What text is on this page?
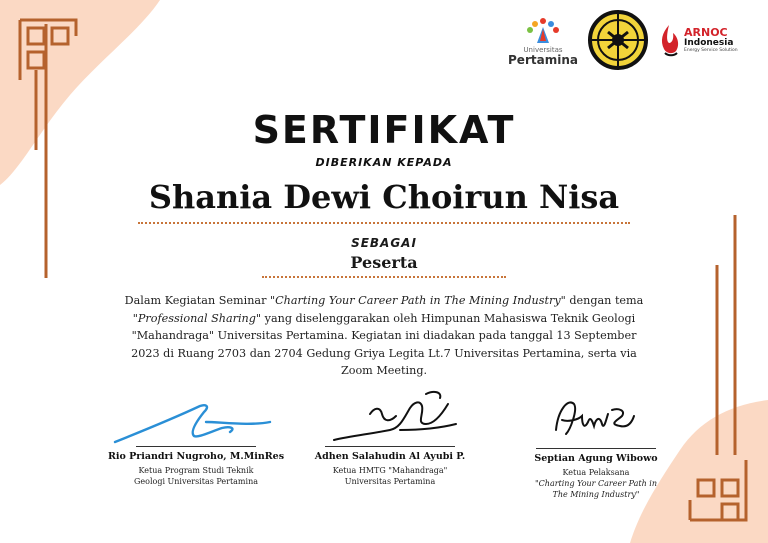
Universitas
Pertamina
ARNOC
Indonesia
Energy Service Solution
SERTIFIKAT
DIBERIKAN KEPADA
Shania Dewi Choirun Nisa
SEBAGAI
Peserta
Dalam Kegiatan Seminar "Charting Your Career Path in The Mining Industry" dengan tema "Professional Sharing" yang diselenggarakan oleh Himpunan Mahasiswa Teknik Geologi "Mahandraga" Universitas Pertamina. Kegiatan ini diadakan pada tanggal 13 September 2023 di Ruang 2703 dan 2704 Gedung Griya Legita Lt.7 Universitas Pertamina, serta via Zoom Meeting.
Rio Priandri Nugroho, M.MinRes
Ketua Program Studi Teknik
Geologi Universitas Pertamina
Adhen Salahudin Al Ayubi P.
Ketua HMTG "Mahandraga"
Universitas Pertamina
Septian Agung Wibowo
Ketua Pelaksana
"Charting Your Career Path in
The Mining Industry"
